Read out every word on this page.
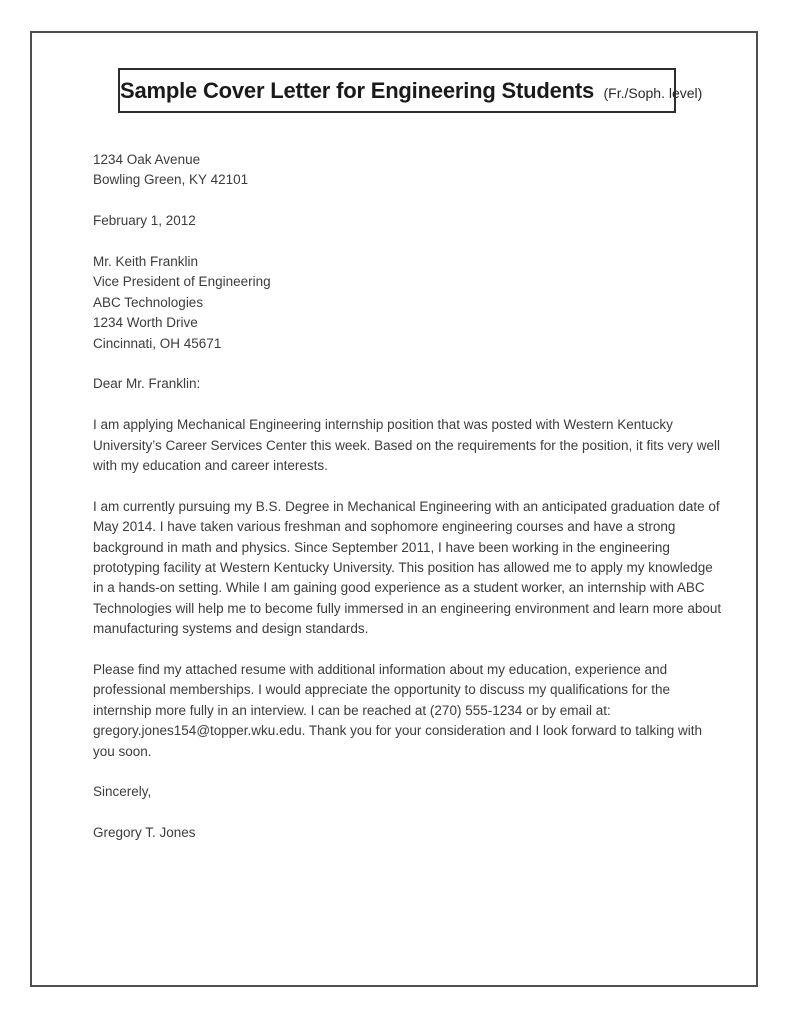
Sample Cover Letter for Engineering Students (Fr./Soph. level)

1234 Oak Avenue
Bowling Green, KY 42101

February 1, 2012

Mr. Keith Franklin
Vice President of Engineering
ABC Technologies
1234 Worth Drive
Cincinnati, OH 45671

Dear Mr. Franklin:

I am applying Mechanical Engineering internship position that was posted with Western Kentucky University’s Career Services Center this week. Based on the requirements for the position, it fits very well with my education and career interests.

I am currently pursuing my B.S. Degree in Mechanical Engineering with an anticipated graduation date of May 2014. I have taken various freshman and sophomore engineering courses and have a strong background in math and physics. Since September 2011, I have been working in the engineering prototyping facility at Western Kentucky University. This position has allowed me to apply my knowledge in a hands-on setting. While I am gaining good experience as a student worker, an internship with ABC Technologies will help me to become fully immersed in an engineering environment and learn more about manufacturing systems and design standards.

Please find my attached resume with additional information about my education, experience and professional memberships. I would appreciate the opportunity to discuss my qualifications for the internship more fully in an interview. I can be reached at (270) 555-1234 or by email at: gregory.jones154@topper.wku.edu. Thank you for your consideration and I look forward to talking with you soon.

Sincerely,

Gregory T. Jones
